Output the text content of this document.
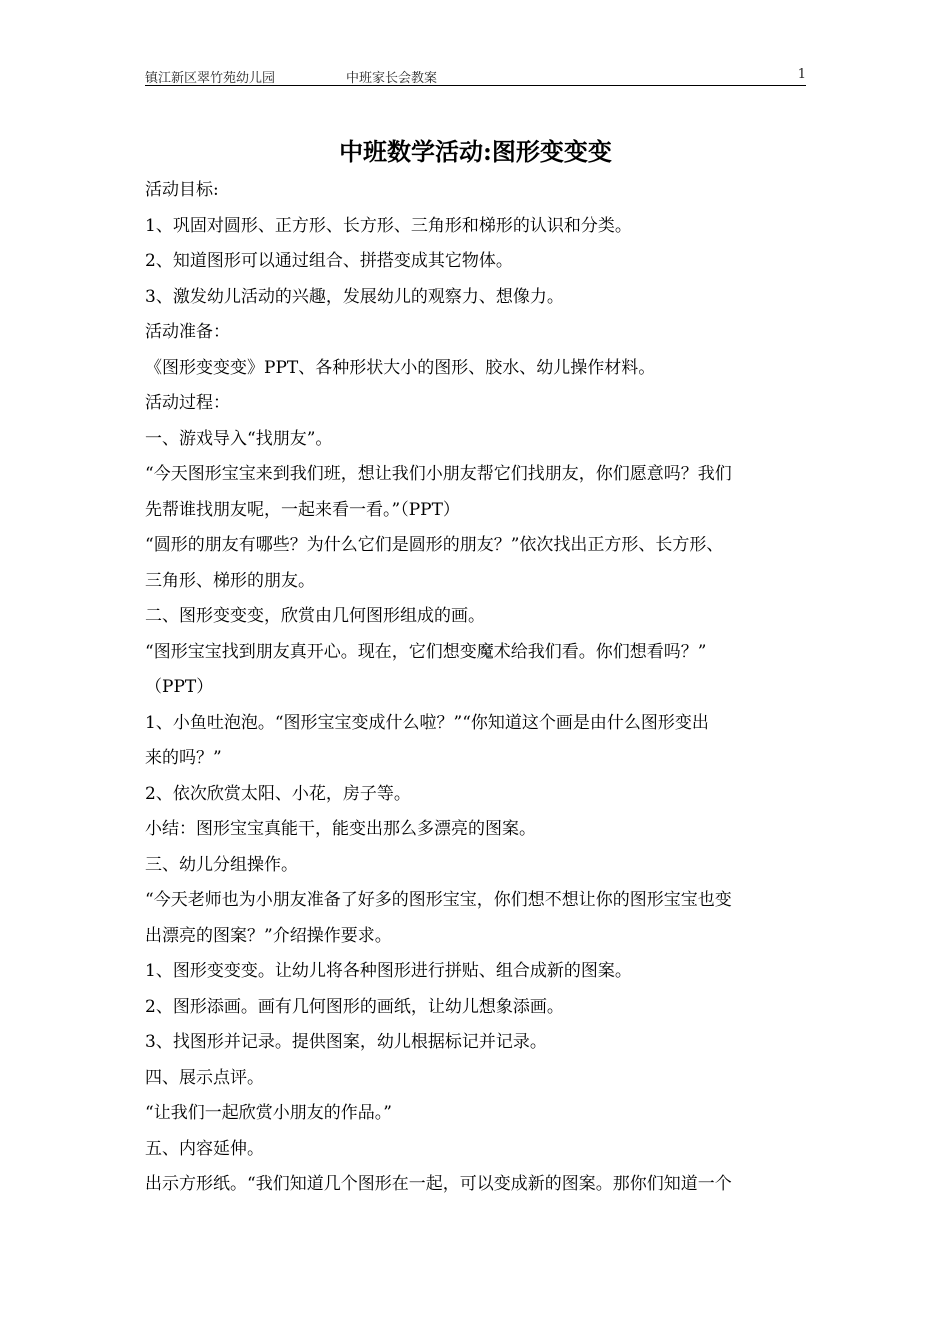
镇江新区翠竹苑幼儿园	中班家长会教案	1
中班数学活动:图形变变变
活动目标:
1、巩固对圆形、正方形、长方形、三角形和梯形的认识和分类。
2、知道图形可以通过组合、拼搭变成其它物体。
3、激发幼儿活动的兴趣，发展幼儿的观察力、想像力。
活动准备：
《图形变变变》PPT、各种形状大小的图形、胶水、幼儿操作材料。
活动过程：
一、游戏导入“找朋友”。
“今天图形宝宝来到我们班，想让我们小朋友帮它们找朋友，你们愿意吗？我们
先帮谁找朋友呢，一起来看一看。”（PPT）
“圆形的朋友有哪些？为什么它们是圆形的朋友？”依次找出正方形、长方形、
三角形、梯形的朋友。
二、图形变变变，欣赏由几何图形组成的画。
“图形宝宝找到朋友真开心。现在，它们想变魔术给我们看。你们想看吗？”
（PPT）
1、小鱼吐泡泡。“图形宝宝变成什么啦？”“你知道这个画是由什么图形变出
来的吗？”
2、依次欣赏太阳、小花，房子等。
小结：图形宝宝真能干，能变出那么多漂亮的图案。
三、幼儿分组操作。
“今天老师也为小朋友准备了好多的图形宝宝，你们想不想让你的图形宝宝也变
出漂亮的图案？”介绍操作要求。
1、图形变变变。让幼儿将各种图形进行拼贴、组合成新的图案。
2、图形添画。画有几何图形的画纸，让幼儿想象添画。
3、找图形并记录。提供图案，幼儿根据标记并记录。
四、展示点评。
“让我们一起欣赏小朋友的作品。”
五、内容延伸。
出示方形纸。“我们知道几个图形在一起，可以变成新的图案。那你们知道一个
